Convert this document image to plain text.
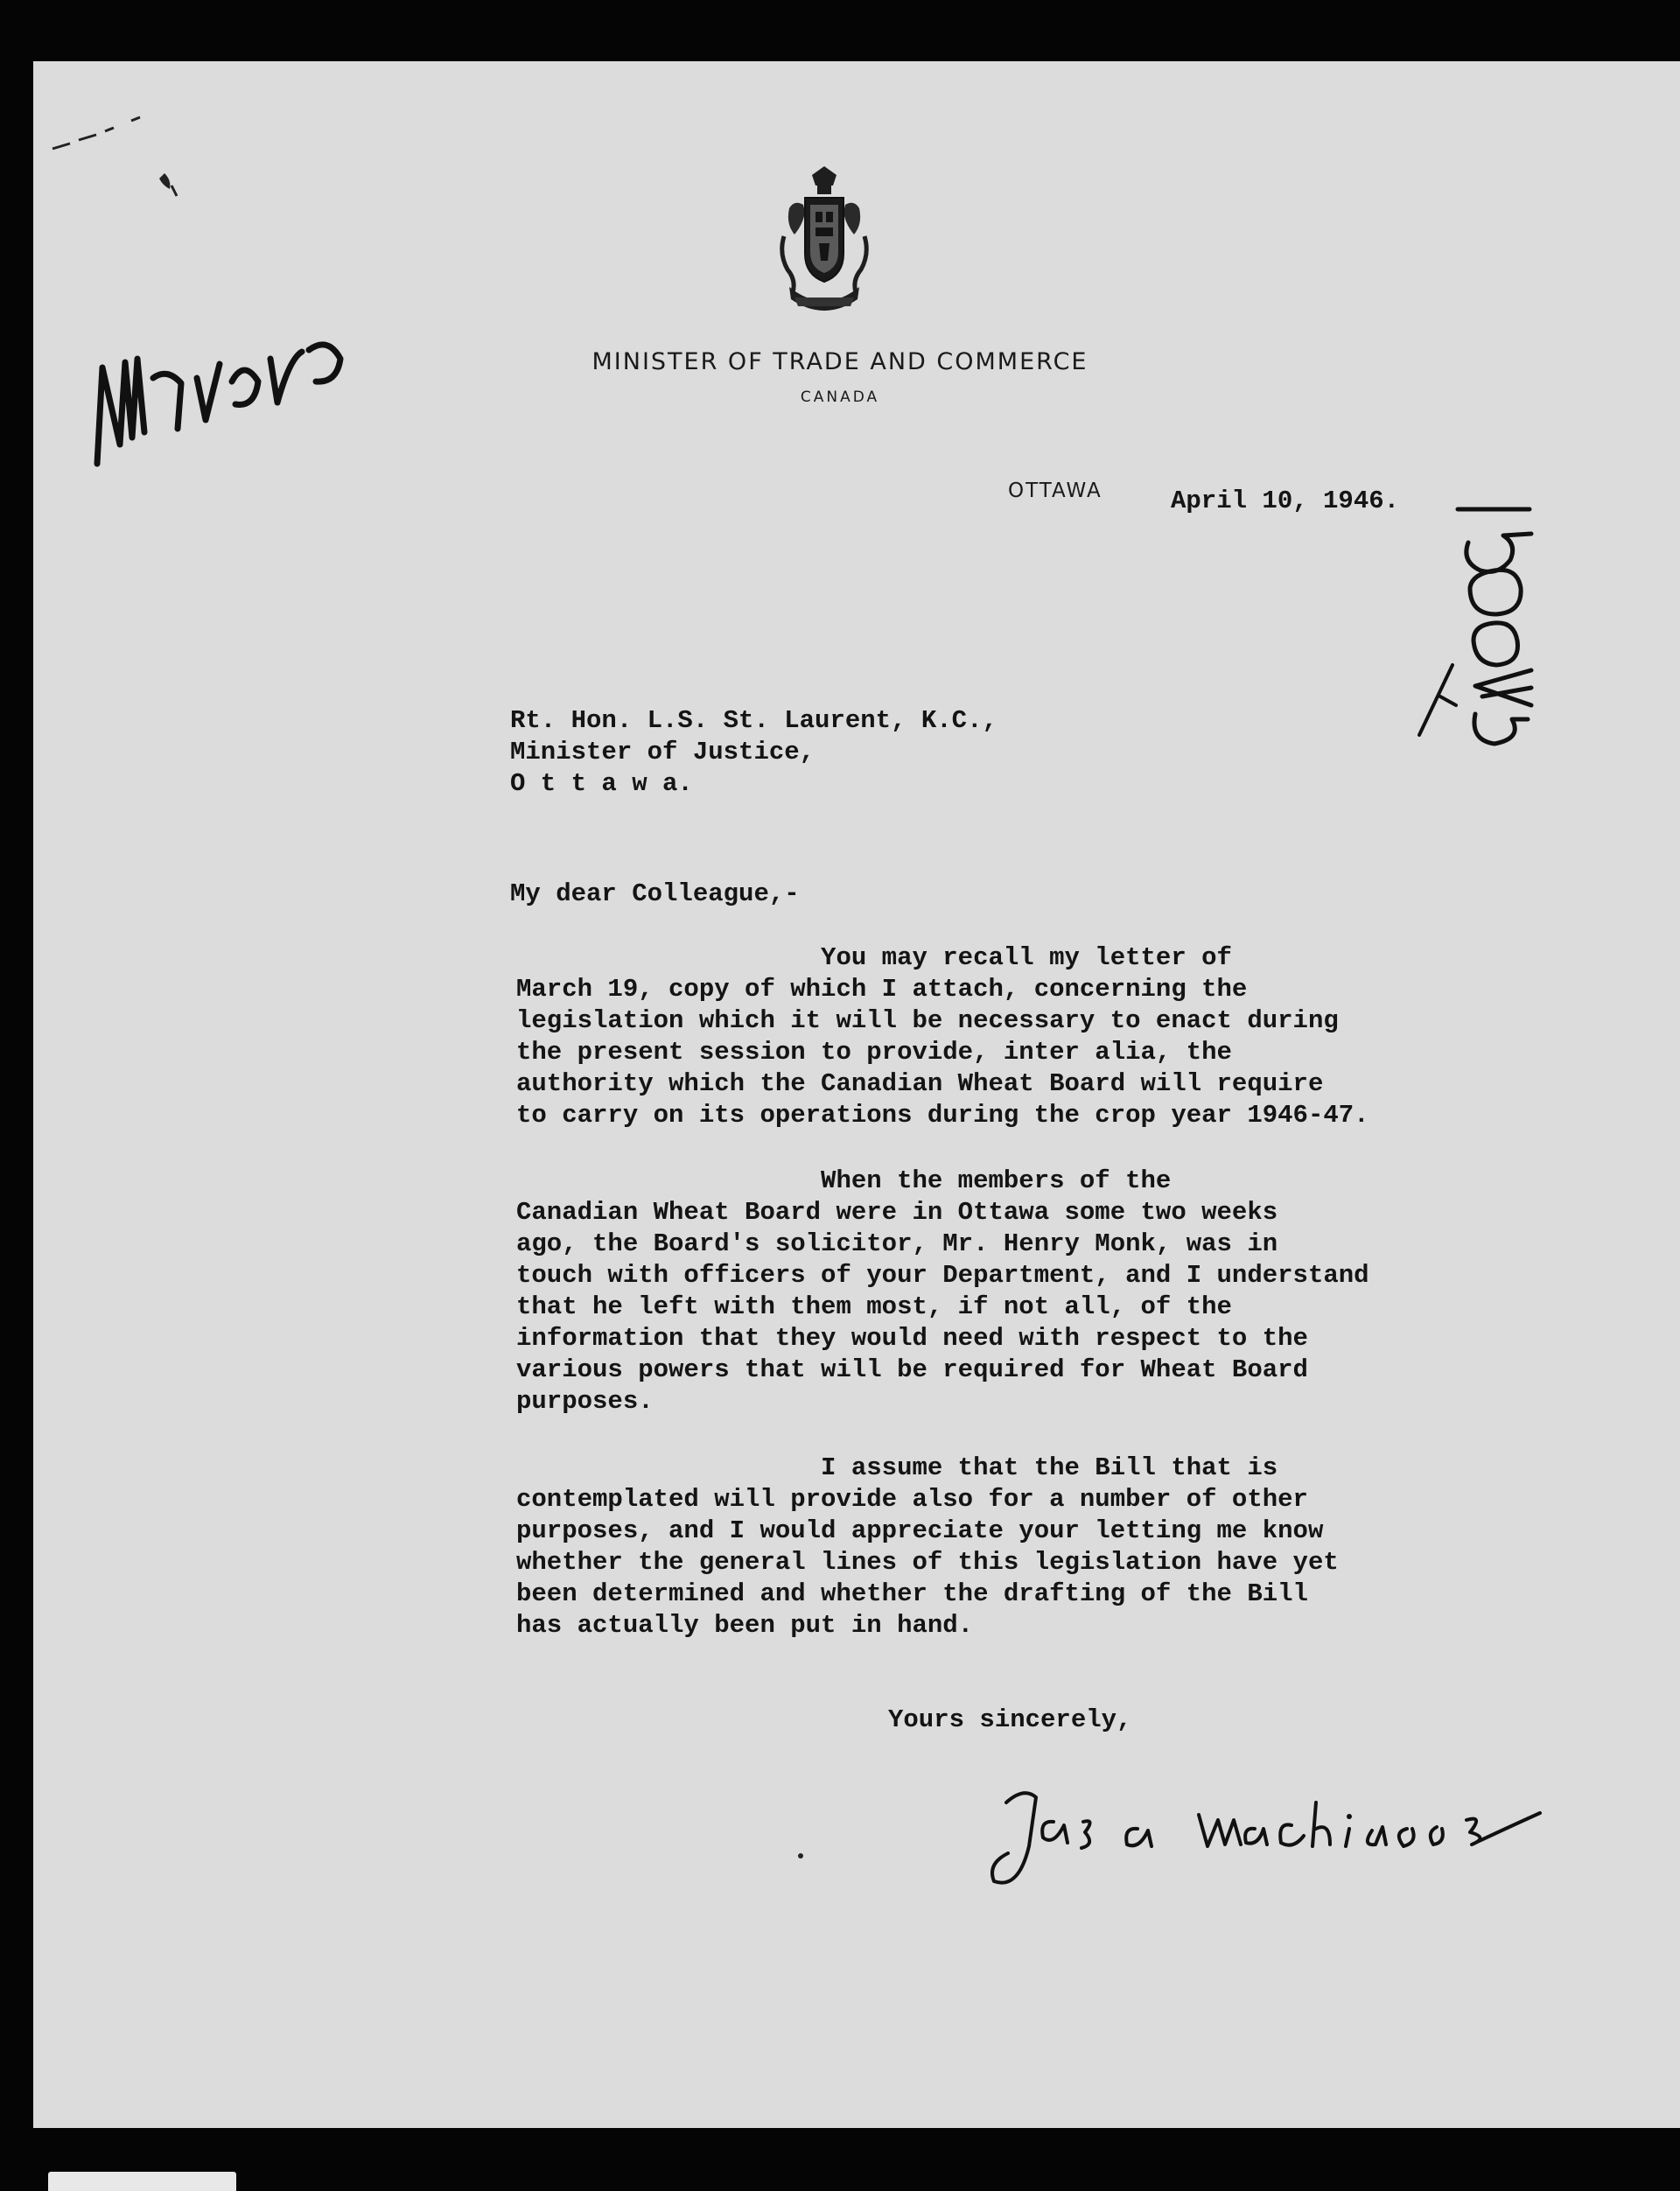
MINISTER OF TRADE AND COMMERCE
CANADA
OTTAWA	April 10, 1946.
Rt. Hon. L.S. St. Laurent, K.C.,
Minister of Justice,
O t t a w a.
My dear Colleague,-
You may recall my letter of
March 19, copy of which I attach, concerning the
legislation which it will be necessary to enact during
the present session to provide, inter alia, the
authority which the Canadian Wheat Board will require
to carry on its operations during the crop year 1946-47.
When the members of the
Canadian Wheat Board were in Ottawa some two weeks
ago, the Board's solicitor, Mr. Henry Monk, was in
touch with officers of your Department, and I understand
that he left with them most, if not all, of the
information that they would need with respect to the
various powers that will be required for Wheat Board
purposes.
I assume that the Bill that is
contemplated will provide also for a number of other
purposes, and I would appreciate your letting me know
whether the general lines of this legislation have yet
been determined and whether the drafting of the Bill
has actually been put in hand.
Yours sincerely,
